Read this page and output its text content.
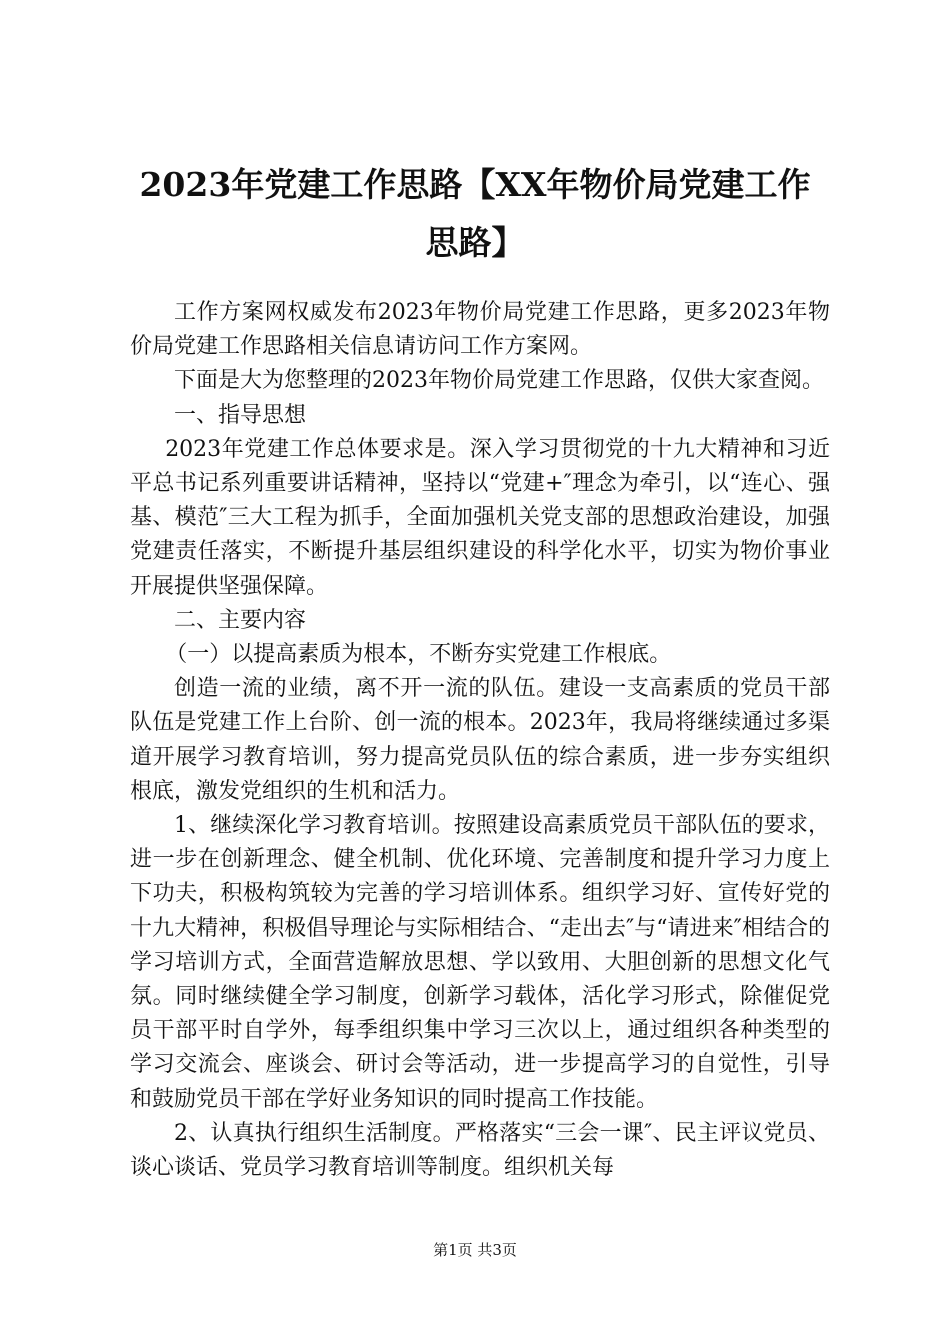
2023年党建工作思路【XX年物价局党建工作
思路】

工作方案网权威发布2023年物价局党建工作思路，更多2023年物价局党建工作思路相关信息请访问工作方案网。

下面是大为您整理的2023年物价局党建工作思路，仅供大家查阅。

一、指导思想

2023年党建工作总体要求是。深入学习贯彻党的十九大精神和习近平总书记系列重要讲话精神，坚持以“党建+″理念为牵引，以“连心、强基、模范″三大工程为抓手，全面加强机关党支部的思想政治建设，加强党建责任落实，不断提升基层组织建设的科学化水平，切实为物价事业开展提供坚强保障。

二、主要内容

（一）以提高素质为根本，不断夯实党建工作根底。

创造一流的业绩，离不开一流的队伍。建设一支高素质的党员干部队伍是党建工作上台阶、创一流的根本。2023年，我局将继续通过多渠道开展学习教育培训，努力提高党员队伍的综合素质，进一步夯实组织根底，激发党组织的生机和活力。

1、继续深化学习教育培训。按照建设高素质党员干部队伍的要求，进一步在创新理念、健全机制、优化环境、完善制度和提升学习力度上下功夫，积极构筑较为完善的学习培训体系。组织学习好、宣传好党的十九大精神，积极倡导理论与实际相结合、“走出去″与“请进来″相结合的学习培训方式，全面营造解放思想、学以致用、大胆创新的思想文化气氛。同时继续健全学习制度，创新学习载体，活化学习形式，除催促党员干部平时自学外，每季组织集中学习三次以上，通过组织各种类型的学习交流会、座谈会、研讨会等活动，进一步提高学习的自觉性，引导和鼓励党员干部在学好业务知识的同时提高工作技能。

2、认真执行组织生活制度。严格落实“三会一课″、民主评议党员、谈心谈话、党员学习教育培训等制度。组织机关每

第1页 共3页
